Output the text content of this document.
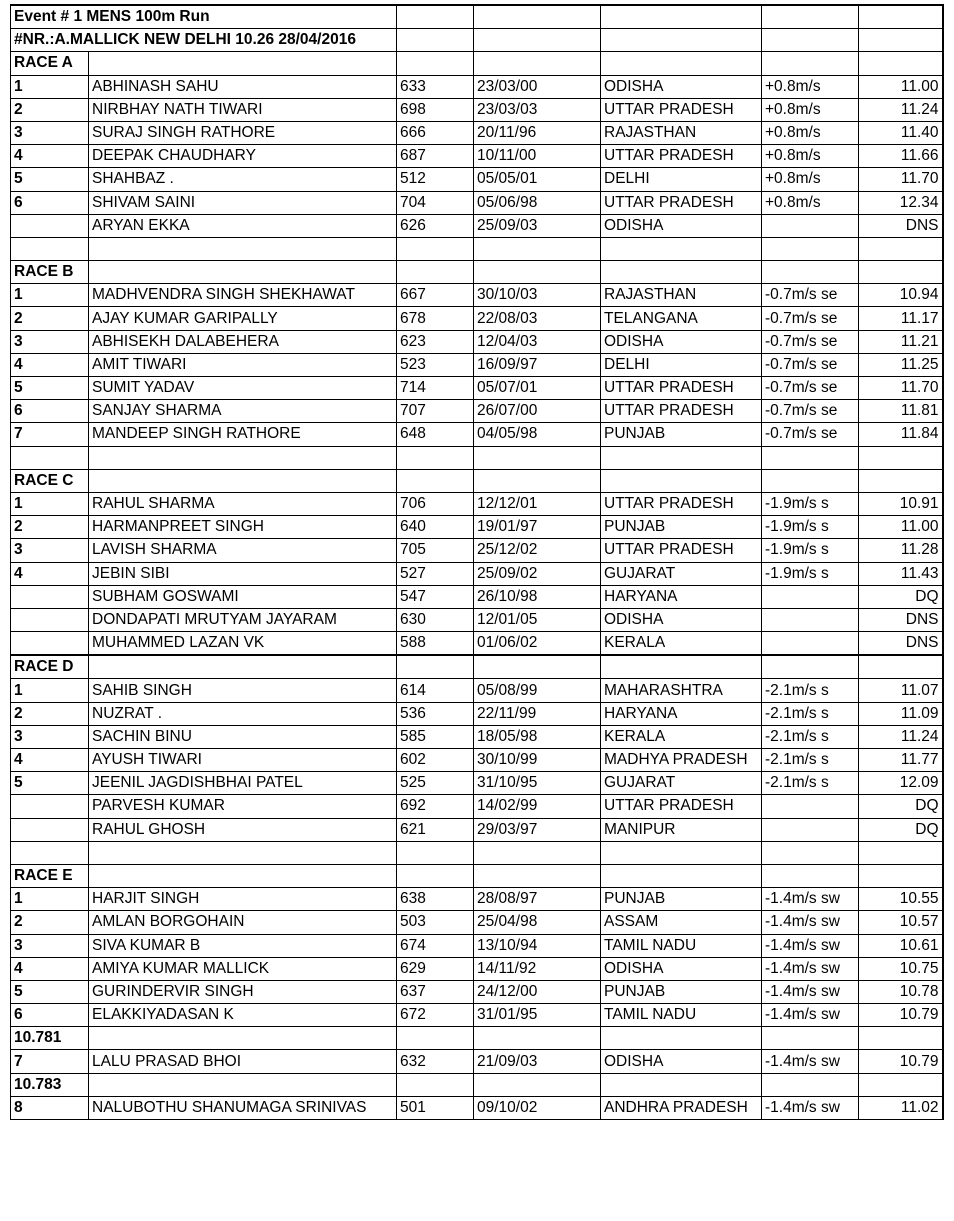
Event # 1 MENS 100m Run						
#NR.:A.MALLICK NEW DELHI 10.26 28/04/2016						
RACE A						
1	ABHINASH SAHU	633	23/03/00	ODISHA	+0.8m/s	11.00
2	NIRBHAY NATH TIWARI	698	23/03/03	UTTAR PRADESH	+0.8m/s	11.24
3	SURAJ SINGH RATHORE	666	20/11/96	RAJASTHAN	+0.8m/s	11.40
4	DEEPAK CHAUDHARY	687	10/11/00	UTTAR PRADESH	+0.8m/s	11.66
5	SHAHBAZ .	512	05/05/01	DELHI	+0.8m/s	11.70
6	SHIVAM SAINI	704	05/06/98	UTTAR PRADESH	+0.8m/s	12.34
	ARYAN EKKA	626	25/09/03	ODISHA		DNS

RACE B						
1	MADHVENDRA SINGH SHEKHAWAT	667	30/10/03	RAJASTHAN	-0.7m/s se	10.94
2	AJAY KUMAR GARIPALLY	678	22/08/03	TELANGANA	-0.7m/s se	11.17
3	ABHISEKH DALABEHERA	623	12/04/03	ODISHA	-0.7m/s se	11.21
4	AMIT TIWARI	523	16/09/97	DELHI	-0.7m/s se	11.25
5	SUMIT YADAV	714	05/07/01	UTTAR PRADESH	-0.7m/s se	11.70
6	SANJAY SHARMA	707	26/07/00	UTTAR PRADESH	-0.7m/s se	11.81
7	MANDEEP SINGH RATHORE	648	04/05/98	PUNJAB	-0.7m/s se	11.84

RACE C						
1	RAHUL SHARMA	706	12/12/01	UTTAR PRADESH	-1.9m/s s	10.91
2	HARMANPREET SINGH	640	19/01/97	PUNJAB	-1.9m/s s	11.00
3	LAVISH SHARMA	705	25/12/02	UTTAR PRADESH	-1.9m/s s	11.28
4	JEBIN SIBI	527	25/09/02	GUJARAT	-1.9m/s s	11.43
	SUBHAM GOSWAMI	547	26/10/98	HARYANA		DQ
	DONDAPATI MRUTYAM JAYARAM	630	12/01/05	ODISHA		DNS
	MUHAMMED LAZAN VK	588	01/06/02	KERALA		DNS
RACE D						
1	SAHIB SINGH	614	05/08/99	MAHARASHTRA	-2.1m/s s	11.07
2	NUZRAT .	536	22/11/99	HARYANA	-2.1m/s s	11.09
3	SACHIN BINU	585	18/05/98	KERALA	-2.1m/s s	11.24
4	AYUSH TIWARI	602	30/10/99	MADHYA PRADESH	-2.1m/s s	11.77
5	JEENIL JAGDISHBHAI PATEL	525	31/10/95	GUJARAT	-2.1m/s s	12.09
	PARVESH KUMAR	692	14/02/99	UTTAR PRADESH		DQ
	RAHUL GHOSH	621	29/03/97	MANIPUR		DQ

RACE E						
1	HARJIT SINGH	638	28/08/97	PUNJAB	-1.4m/s sw	10.55
2	AMLAN BORGOHAIN	503	25/04/98	ASSAM	-1.4m/s sw	10.57
3	SIVA KUMAR B	674	13/10/94	TAMIL NADU	-1.4m/s sw	10.61
4	AMIYA KUMAR MALLICK	629	14/11/92	ODISHA	-1.4m/s sw	10.75
5	GURINDERVIR SINGH	637	24/12/00	PUNJAB	-1.4m/s sw	10.78
6	ELAKKIYADASAN K	672	31/01/95	TAMIL NADU	-1.4m/s sw	10.79
10.781						
7	LALU PRASAD BHOI	632	21/09/03	ODISHA	-1.4m/s sw	10.79
10.783						
8	NALUBOTHU SHANUMAGA SRINIVAS	501	09/10/02	ANDHRA PRADESH	-1.4m/s sw	11.02
